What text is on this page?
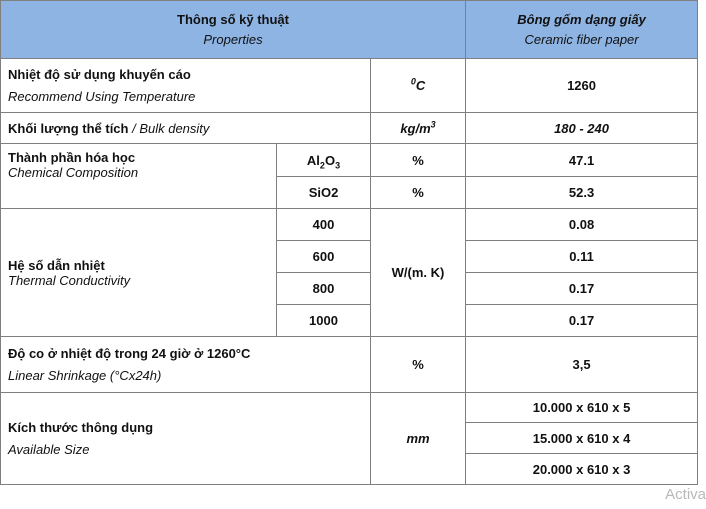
Thông số kỹ thuật
Properties			Bông gốm dạng giấy
Ceramic fiber paper

Nhiệt độ sử dụng khuyến cáo
Recommend Using Temperature		$^0$C	1260
Khối lượng thể tích / Bulk density		$kg/m^3$	180 - 240

Thành phần hóa học
Chemical Composition	$Al_2O_3$	%	47.1
	SiO2	%	52.3

Hệ số dẫn nhiệt
Thermal Conductivity	400	W/(m. K)	0.08
	600		0.11
	800		0.17
	1000		0.17

Độ co ở nhiệt độ trong 24 giờ ở 1260°C
Linear Shrinkage (°Cx24h)		%	3,5

Kích thước thông dụng
Available Size		mm	10.000 x 610 x 5
			15.000 x 610 x 4
			20.000 x 610 x 3
Activa
